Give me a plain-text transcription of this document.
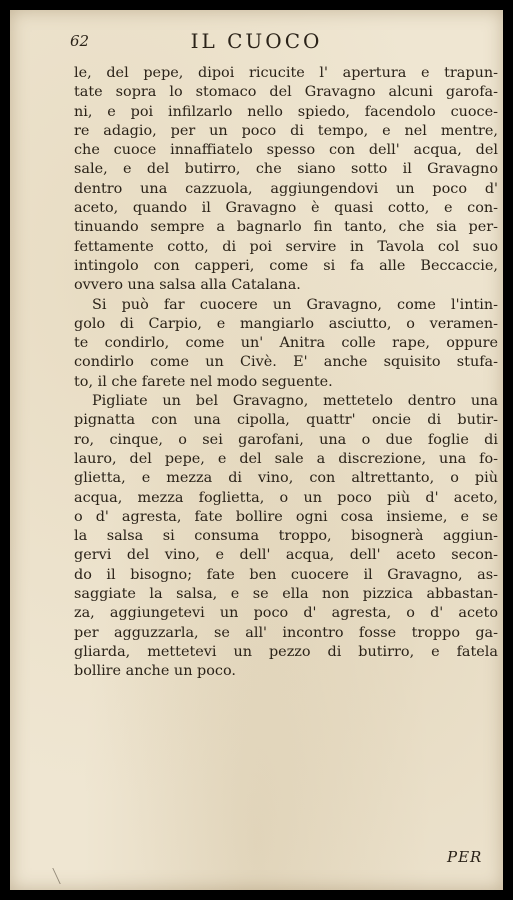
62	IL CUOCO
le, del pepe, dipoi ricucite l' apertura e trapun-
tate sopra lo stomaco del Gravagno alcuni garofa-
ni, e poi infilzarlo nello spiedo, facendolo cuoce-
re adagio, per un poco di tempo, e nel mentre,
che cuoce innaffiatelo spesso con dell' acqua, del
sale, e del butirro, che siano sotto il Gravagno
dentro una cazzuola, aggiungendovi un poco d'
aceto, quando il Gravagno è quasi cotto, e con-
tinuando sempre a bagnarlo fin tanto, che sia per-
fettamente cotto, di poi servire in Tavola col suo
intingolo con capperi, come si fa alle Beccaccie,
ovvero una salsa alla Catalana.
Si può far cuocere un Gravagno, come l'intin-
golo di Carpio, e mangiarlo asciutto, o veramen-
te condirlo, come un' Anitra colle rape, oppure
condirlo come un Civè. E' anche squisito stufa-
to, il che farete nel modo seguente.
Pigliate un bel Gravagno, mettetelo dentro una
pignatta con una cipolla, quattr' oncie di butir-
ro, cinque, o sei garofani, una o due foglie di
lauro, del pepe, e del sale a discrezione, una fo-
glietta, e mezza di vino, con altrettanto, o più
acqua, mezza foglietta, o un poco più d' aceto,
o d' agresta, fate bollire ogni cosa insieme, e se
la salsa si consuma troppo, bisognerà aggiun-
gervi del vino, e dell' acqua, dell' aceto secon-
do il bisogno; fate ben cuocere il Gravagno, as-
saggiate la salsa, e se ella non pizzica abbastan-
za, aggiungetevi un poco d' agresta, o d' aceto
per agguzzarla, se all' incontro fosse troppo ga-
gliarda, mettetevi un pezzo di butirro, e fatela
bollire anche un poco.
PER
